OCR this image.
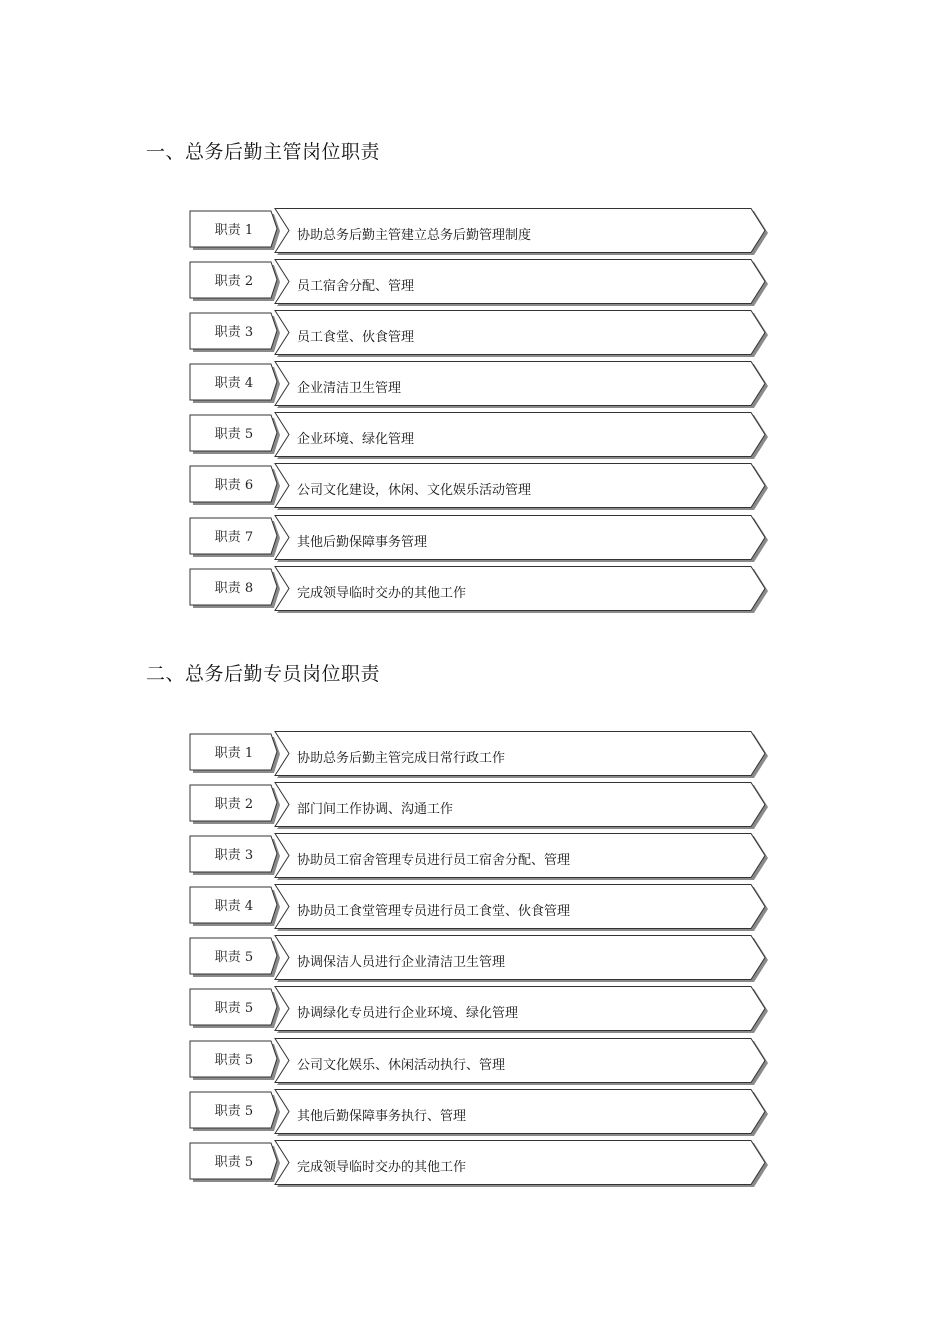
一、总务后勤主管岗位职责
职责 1	协助总务后勤主管建立总务后勤管理制度
职责 2	员工宿舍分配、管理
职责 3	员工食堂、伙食管理
职责 4	企业清洁卫生管理
职责 5	企业环境、绿化管理
职责 6	公司文化建设，休闲、文化娱乐活动管理
职责 7	其他后勤保障事务管理
职责 8	完成领导临时交办的其他工作
二、总务后勤专员岗位职责
职责 1	协助总务后勤主管完成日常行政工作
职责 2	部门间工作协调、沟通工作
职责 3	协助员工宿舍管理专员进行员工宿舍分配、管理
职责 4	协助员工食堂管理专员进行员工食堂、伙食管理
职责 5	协调保洁人员进行企业清洁卫生管理
职责 5	协调绿化专员进行企业环境、绿化管理
职责 5	公司文化娱乐、休闲活动执行、管理
职责 5	其他后勤保障事务执行、管理
职责 5	完成领导临时交办的其他工作
